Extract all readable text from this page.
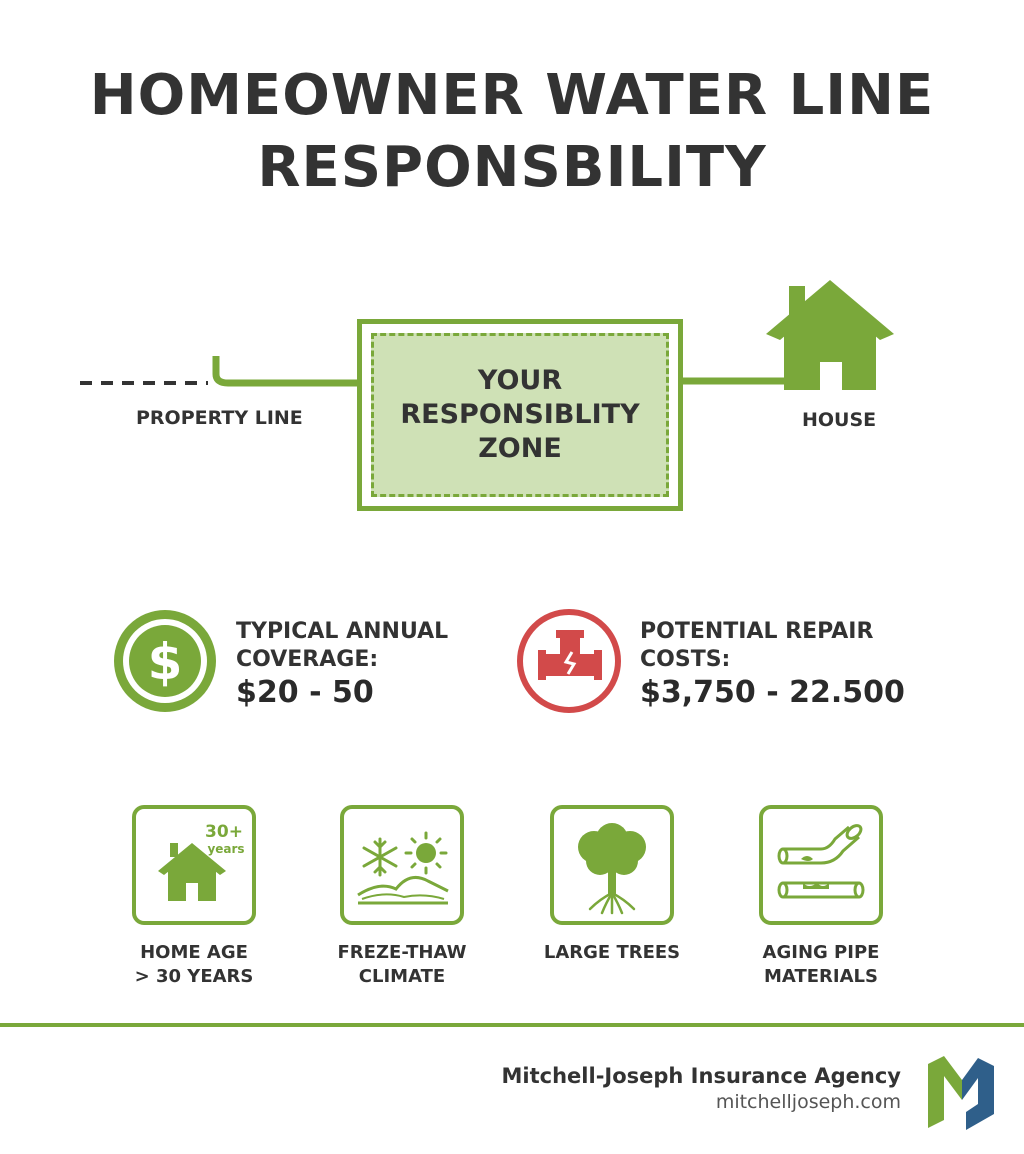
HOMEOWNER WATER LINE
RESPONSBILITY
PROPERTY LINE
YOUR
RESPONSIBLITY
ZONE
HOUSE
$
TYPICAL ANNUAL
COVERAGE:
$20 - 50
POTENTIAL REPAIR
COSTS:
$3,750 - 22.500
30+
years
HOME AGE
> 30 YEARS
FREZE-THAW
CLIMATE
LARGE TREES	AGING PIPE
MATERIALS
Mitchell-Joseph Insurance Agency
mitchelljoseph.com
